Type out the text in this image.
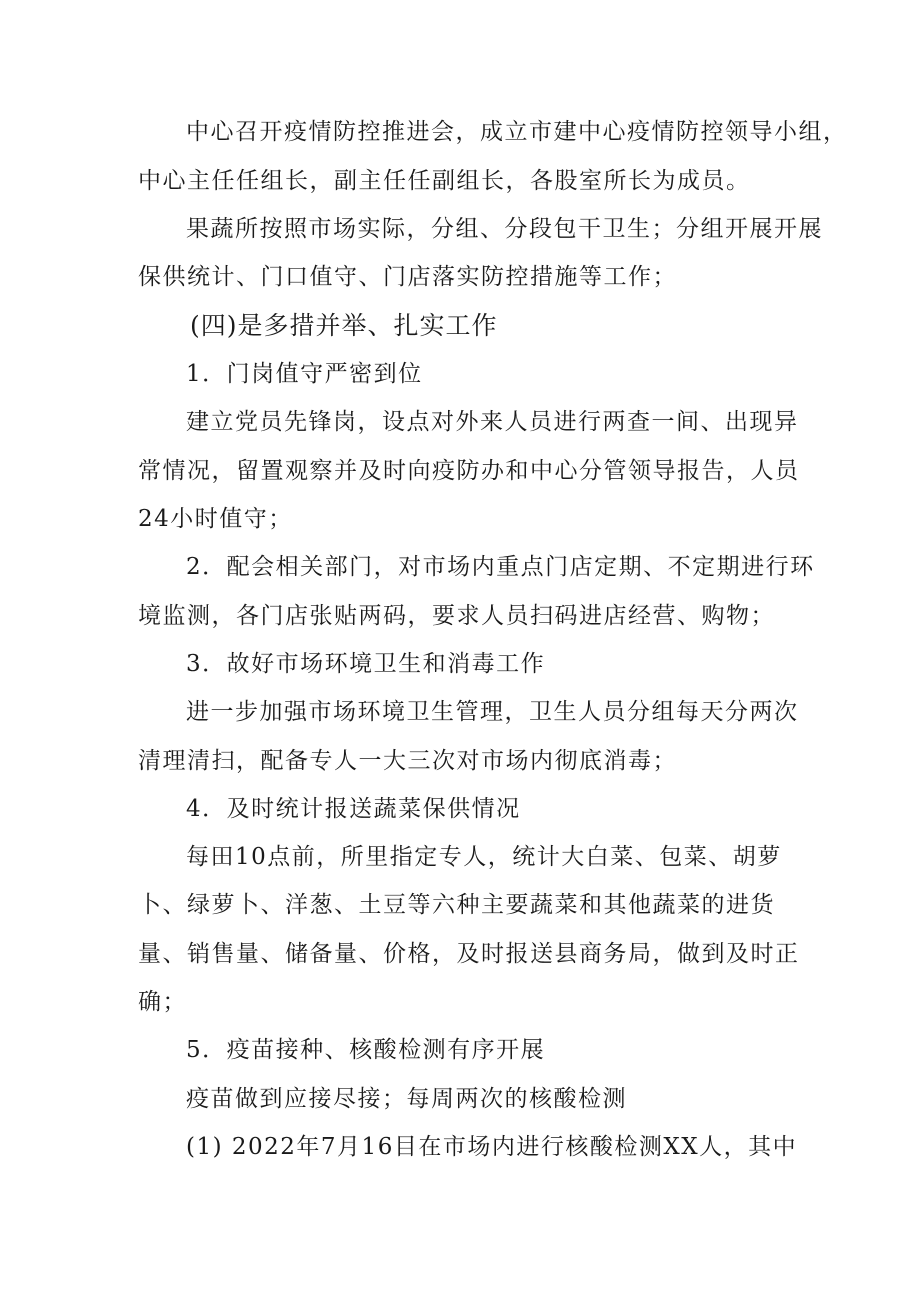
中心召开疫情防控推进会，成立市建中心疫情防控领导小组，
中心主任任组长，副主任任副组长，各股室所长为成员。
果蔬所按照市场实际，分组、分段包干卫生；分组开展开展
保供统计、门口值守、门店落实防控措施等工作；
(四)是多措并举、扎实工作
1．门岗值守严密到位
建立党员先锋岗，设点对外来人员进行两查一间、出现异
常情况，留置观察并及时向疫防办和中心分管领导报告，人员
24小时值守；
2．配会相关部门，对市场内重点门店定期、不定期进行环
境监测，各门店张贴两码，要求人员扫码进店经营、购物；
3．故好市场环境卫生和消毒工作
进一步加强市场环境卫生管理，卫生人员分组每天分两次
清理清扫，配备专人一大三次对市场内彻底消毒；
4．及时统计报送蔬菜保供情况
每田10点前，所里指定专人，统计大白菜、包菜、胡萝
卜、绿萝卜、洋葱、土豆等六种主要蔬菜和其他蔬菜的进货
量、销售量、储备量、价格，及时报送县商务局，做到及时正
确；
5．疫苗接种、核酸检测有序开展
疫苗做到应接尽接；每周两次的核酸检测
(1) 2022年7月16目在市场内进行核酸检测XX人，其中
